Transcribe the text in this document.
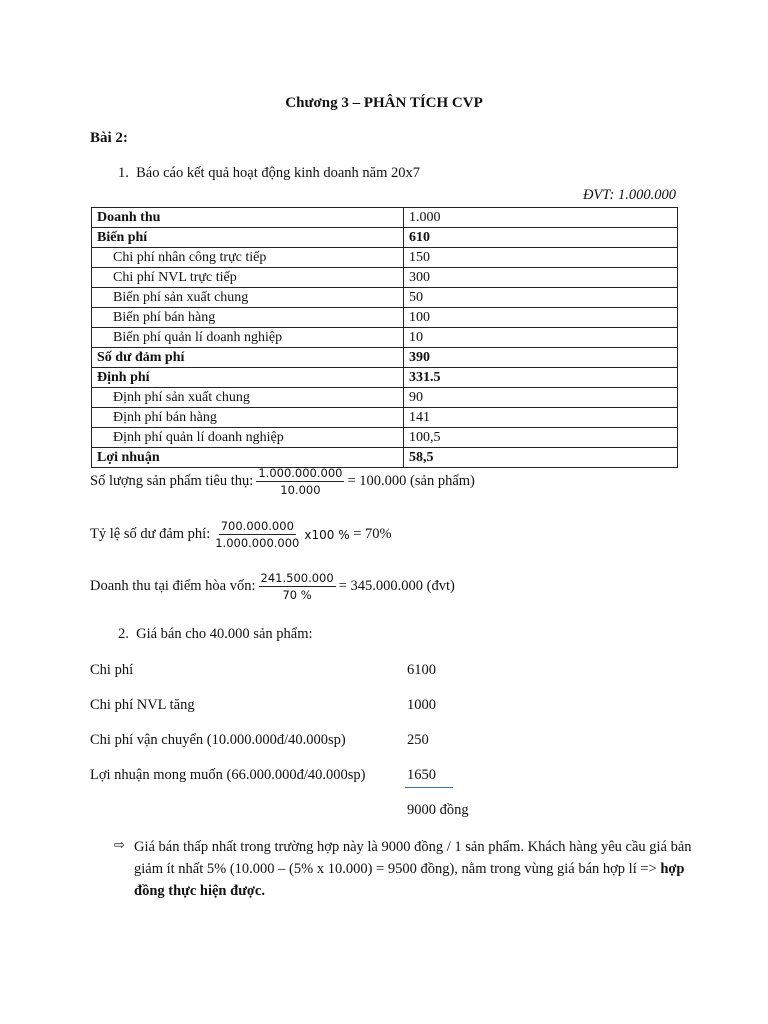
Chương 3 – PHÂN TÍCH CVP
Bài 2:
1. Báo cáo kết quả hoạt động kinh doanh năm 20x7
ĐVT: 1.000.000
Doanh thu	1.000
Biến phí	610
Chi phí nhân công trực tiếp	150
Chi phí NVL trực tiếp	300
Biến phí sản xuất chung	50
Biến phí bán hàng	100
Biến phí quản lí doanh nghiệp	10
Số dư đảm phí	390
Định phí	331.5
Định phí sản xuất chung	90
Định phí bán hàng	141
Định phí quản lí doanh nghiệp	100,5
Lợi nhuận	58,5
Số lượng sản phẩm tiêu thụ: $\frac{1.000.000.000}{10.000} = 100.000$ (sản phẩm)
Tỷ lệ số dư đảm phí: $\frac{700.000.000}{1.000.000.000} x100$ %
= 70%
Doanh thu tại điểm hòa vốn: $\frac{241.500.000}{70 \%} = 345.000.000$ (đvt)
2. Giá bán cho 40.000 sản phẩm:
Chi phí	6100
Chi phí NVL tăng	1000
Chi phí vận chuyển (10.000.000đ/40.000sp)	250
Lợi nhuận mong muốn (66.000.000đ/40.000sp)	1650
9000 đồng
⇨ Giá bán thấp nhất trong trường hợp này là 9000 đồng / 1 sản phẩm. Khách hàng yêu cầu giá bản giảm ít nhất 5% (10.000 – (5% x 10.000) = 9500 đồng), nằm trong vùng giá bán hợp lí => hợp đồng thực hiện được.
